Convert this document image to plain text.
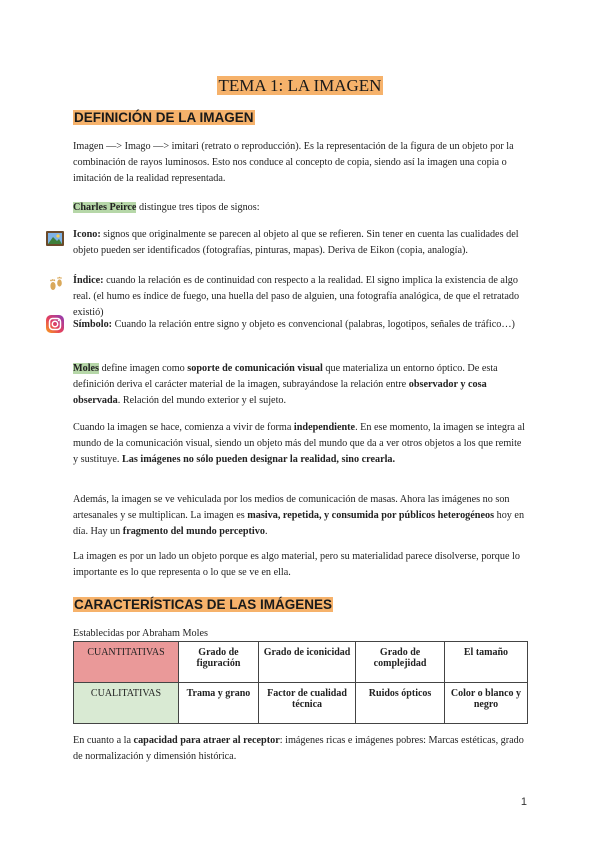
TEMA 1: LA IMAGEN
DEFINICIÓN DE LA IMAGEN

Imagen —> Imago —> imitari (retrato o reproducción). Es la representación de la figura de un objeto por la combinación de rayos luminosos. Esto nos conduce al concepto de copia, siendo así la imagen una copia o imitación de la realidad representada.

Charles Peirce distingue tres tipos de signos:

Icono: signos que originalmente se parecen al objeto al que se refieren. Sin tener en cuenta las cualidades del objeto pueden ser identificados (fotografías, pinturas, mapas). Deriva de Eikon (copia, analogía).

Índice: cuando la relación es de continuidad con respecto a la realidad. El signo implica la existencia de algo real. (el humo es índice de fuego, una huella del paso de alguien, una fotografía analógica, de que el retratado existió)

Símbolo: Cuando la relación entre signo y objeto es convencional (palabras, logotipos, señales de tráfico…)

Moles define imagen como soporte de comunicación visual que materializa un entorno óptico. De esta definición deriva el carácter material de la imagen, subrayándose la relación entre observador y cosa observada. Relación del mundo exterior y el sujeto.

Cuando la imagen se hace, comienza a vivir de forma independiente. En ese momento, la imagen se integra al mundo de la comunicación visual, siendo un objeto más del mundo que da a ver otros objetos a los que remite y sustituye. Las imágenes no sólo pueden designar la realidad, sino crearla.

Además, la imagen se ve vehiculada por los medios de comunicación de masas. Ahora las imágenes no son artesanales y se multiplican. La imagen es masiva, repetida, y consumida por públicos heterogéneos hoy en día. Hay un fragmento del mundo perceptivo.

La imagen es por un lado un objeto porque es algo material, pero su materialidad parece disolverse, porque lo importante es lo que representa o lo que se ve en ella.

CARACTERÍSTICAS DE LAS IMÁGENES

Establecidas por Abraham Moles

CUANTITATIVAS	Grado de figuración	Grado de iconicidad	Grado de complejidad	El tamaño
CUALITATIVAS	Trama y grano	Factor de cualidad técnica	Ruidos ópticos	Color o blanco y negro

En cuanto a la capacidad para atraer al receptor: imágenes ricas e imágenes pobres: Marcas estéticas, grado de normalización y dimensión histórica.

1
